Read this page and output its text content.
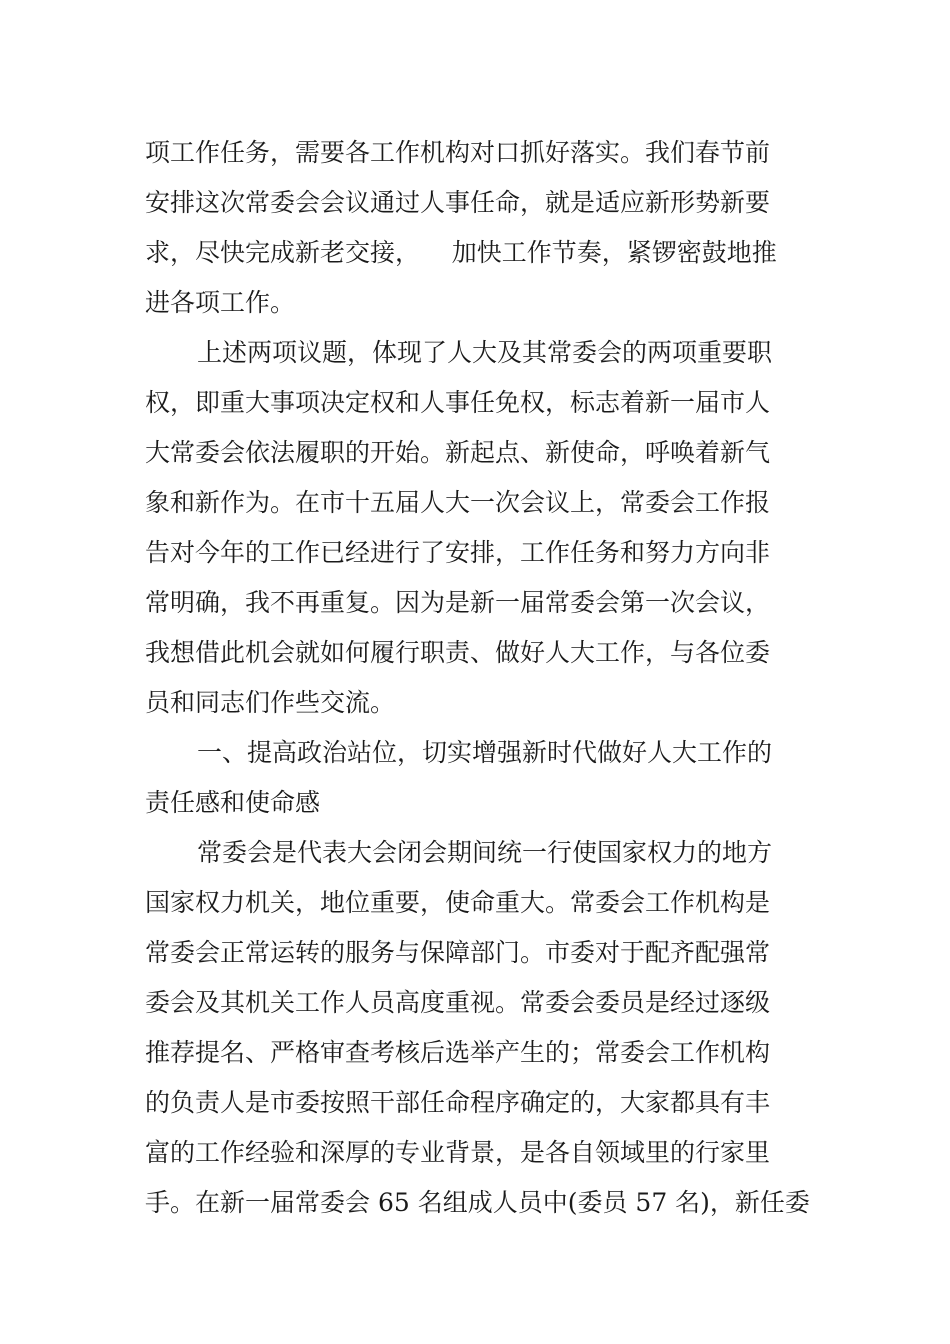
项工作任务，需要各工作机构对口抓好落实。我们春节前
安排这次常委会会议通过人事任命，就是适应新形势新要
求，尽快完成新老交接，    加快工作节奏，紧锣密鼓地推
进各项工作。
上述两项议题，体现了人大及其常委会的两项重要职
权，即重大事项决定权和人事任免权，标志着新一届市人
大常委会依法履职的开始。新起点、新使命，呼唤着新气
象和新作为。在市十五届人大一次会议上，常委会工作报
告对今年的工作已经进行了安排，工作任务和努力方向非
常明确，我不再重复。因为是新一届常委会第一次会议，
我想借此机会就如何履行职责、做好人大工作，与各位委
员和同志们作些交流。
一、提高政治站位，切实增强新时代做好人大工作的
责任感和使命感
常委会是代表大会闭会期间统一行使国家权力的地方
国家权力机关，地位重要，使命重大。常委会工作机构是
常委会正常运转的服务与保障部门。市委对于配齐配强常
委会及其机关工作人员高度重视。常委会委员是经过逐级
推荐提名、严格审查考核后选举产生的；常委会工作机构
的负责人是市委按照干部任命程序确定的，大家都具有丰
富的工作经验和深厚的专业背景，是各自领域里的行家里
手。在新一届常委会 65 名组成人员中(委员 57 名)，新任委
